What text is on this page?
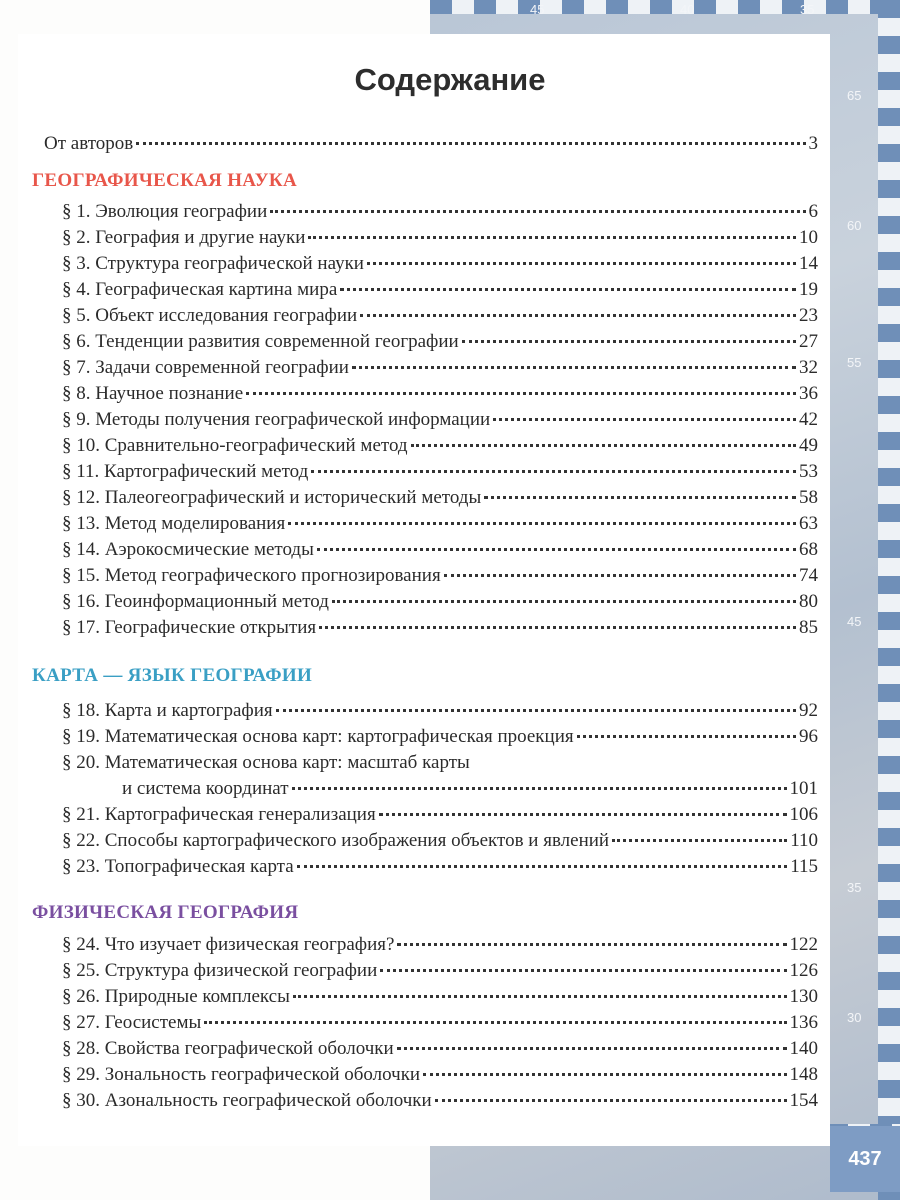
45	40	35
65
60
55
45
35
30
Содержание
От авторов	3
ГЕОГРАФИЧЕСКАЯ НАУКА
§ 1. Эволюция географии	6
§ 2. География и другие науки	10
§ 3. Структура географической науки	14
§ 4. Географическая картина мира	19
§ 5. Объект исследования географии	23
§ 6. Тенденции развития современной географии	27
§ 7. Задачи современной географии	32
§ 8. Научное познание	36
§ 9. Методы получения географической информации	42
§ 10. Сравнительно-географический метод	49
§ 11. Картографический метод	53
§ 12. Палеогеографический и исторический методы	58
§ 13. Метод моделирования	63
§ 14. Аэрокосмические методы	68
§ 15. Метод географического прогнозирования	74
§ 16. Геоинформационный метод	80
§ 17. Географические открытия	85
КАРТА — ЯЗЫК ГЕОГРАФИИ
§ 18. Карта и картография	92
§ 19. Математическая основа карт: картографическая проекция	96
§ 20. Математическая основа карт: масштаб карты
и система координат	101
§ 21. Картографическая генерализация	106
§ 22. Способы картографического изображения объектов и явлений	110
§ 23. Топографическая карта	115
ФИЗИЧЕСКАЯ ГЕОГРАФИЯ
§ 24. Что изучает физическая география?	122
§ 25. Структура физической географии	126
§ 26. Природные комплексы	130
§ 27. Геосистемы	136
§ 28. Свойства географической оболочки	140
§ 29. Зональность географической оболочки	148
§ 30. Азональность географической оболочки	154
437
